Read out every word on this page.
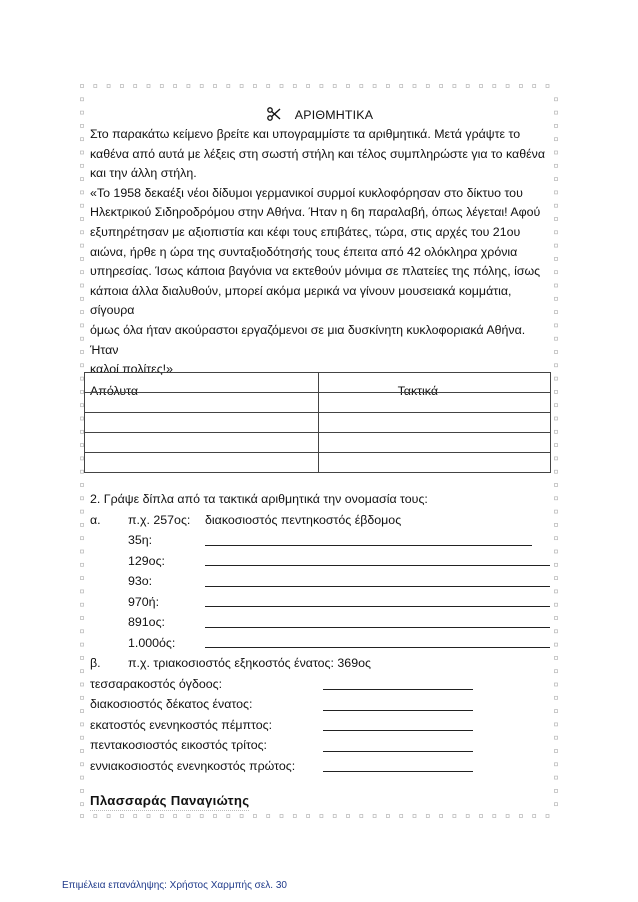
ΑΡΙΘΜΗΤΙΚΑ
Στο παρακάτω κείμενο βρείτε και υπογραμμίστε τα αριθμητικά. Μετά γράψτε το
καθένα από αυτά με λέξεις στη σωστή στήλη και τέλος συμπληρώστε για το καθένα
και την άλλη στήλη.
«Το 1958 δεκαέξι νέοι δίδυμοι γερμανικοί συρμοί κυκλοφόρησαν στο δίκτυο του
Ηλεκτρικού Σιδηροδρόμου στην Αθήνα. Ήταν η 6η παραλαβή, όπως λέγεται! Αφού
εξυπηρέτησαν με αξιοπιστία και κέφι τους επιβάτες, τώρα, στις αρχές του 21ου
αιώνα, ήρθε η ώρα της συνταξιοδότησής τους έπειτα από 42 ολόκληρα χρόνια
υπηρεσίας. Ίσως κάποια βαγόνια να εκτεθούν μόνιμα σε πλατείες της πόλης, ίσως
κάποια άλλα διαλυθούν, μπορεί ακόμα μερικά να γίνουν μουσειακά κομμάτια, σίγουρα
όμως όλα ήταν ακούραστοι εργαζόμενοι σε μια δυσκίνητη κυκλοφοριακά Αθήνα. Ήταν
καλοί πολίτες!»
Απόλυτα	Τακτικά

2. Γράψε δίπλα από τα τακτικά αριθμητικά την ονομασία τους:
α. π.χ. 257ος: διακοσιοστός πεντηκοστός έβδομος
35η:
129ος:
93ο:
970ή:
891ος:
1.000ός:
β. π.χ. τριακοσιοστός εξηκοστός ένατος: 369ος
τεσσαρακοστός όγδοος:
διακοσιοστός δέκατος ένατος:
εκατοστός ενενηκοστός πέμπτος:
πεντακοσιοστός εικοστός τρίτος:
εννιακοσιοστός ενενηκοστός πρώτος:
Πλασσαράς Παναγιώτης
Επιμέλεια επανάληψης: Χρήστος Χαρμπής σελ. 30
